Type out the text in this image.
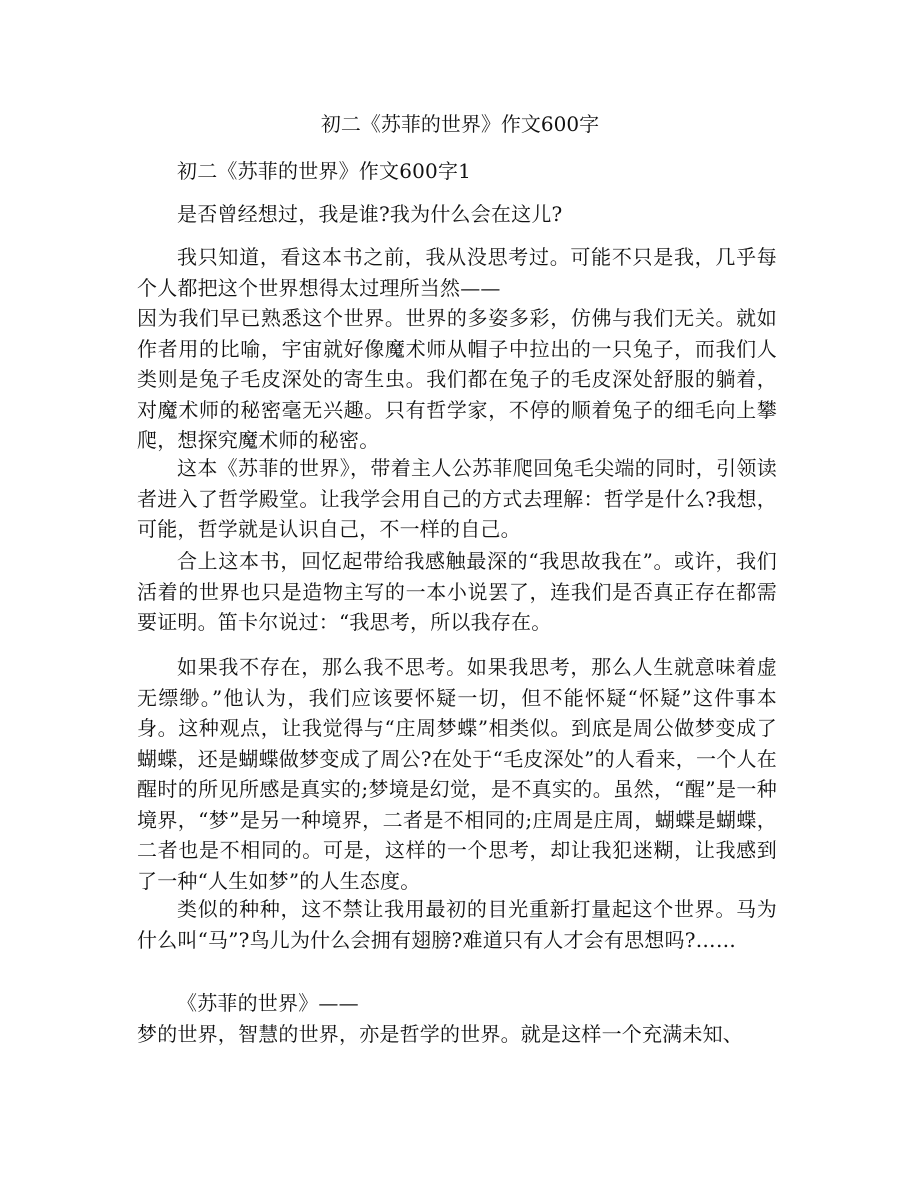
初二《苏菲的世界》作文600字

初二《苏菲的世界》作文600字1

是否曾经想过，我是谁?我为什么会在这儿?

我只知道，看这本书之前，我从没思考过。可能不只是我，几乎每个人都把这个世界想得太过理所当然——
因为我们早已熟悉这个世界。世界的多姿多彩，仿佛与我们无关。就如作者用的比喻，宇宙就好像魔术师从帽子中拉出的一只兔子，而我们人类则是兔子毛皮深处的寄生虫。我们都在兔子的毛皮深处舒服的躺着，对魔术师的秘密毫无兴趣。只有哲学家，不停的顺着兔子的细毛向上攀爬，想探究魔术师的秘密。

这本《苏菲的世界》，带着主人公苏菲爬回兔毛尖端的同时，引领读者进入了哲学殿堂。让我学会用自己的方式去理解：哲学是什么?我想，可能，哲学就是认识自己，不一样的自己。

合上这本书，回忆起带给我感触最深的“我思故我在”。或许，我们活着的世界也只是造物主写的一本小说罢了，连我们是否真正存在都需要证明。笛卡尔说过：“我思考，所以我存在。

如果我不存在，那么我不思考。如果我思考，那么人生就意味着虚无缥缈。”他认为，我们应该要怀疑一切，但不能怀疑“怀疑”这件事本身。这种观点，让我觉得与“庄周梦蝶”相类似。到底是周公做梦变成了蝴蝶，还是蝴蝶做梦变成了周公?在处于“毛皮深处”的人看来，一个人在醒时的所见所感是真实的;梦境是幻觉，是不真实的。虽然，“醒”是一种境界，“梦”是另一种境界，二者是不相同的;庄周是庄周，蝴蝶是蝴蝶，二者也是不相同的。可是，这样的一个思考，却让我犯迷糊，让我感到了一种“人生如梦”的人生态度。

类似的种种，这不禁让我用最初的目光重新打量起这个世界。马为什么叫“马”?鸟儿为什么会拥有翅膀?难道只有人才会有思想吗?……

《苏菲的世界》——
梦的世界，智慧的世界，亦是哲学的世界。就是这样一个充满未知、
